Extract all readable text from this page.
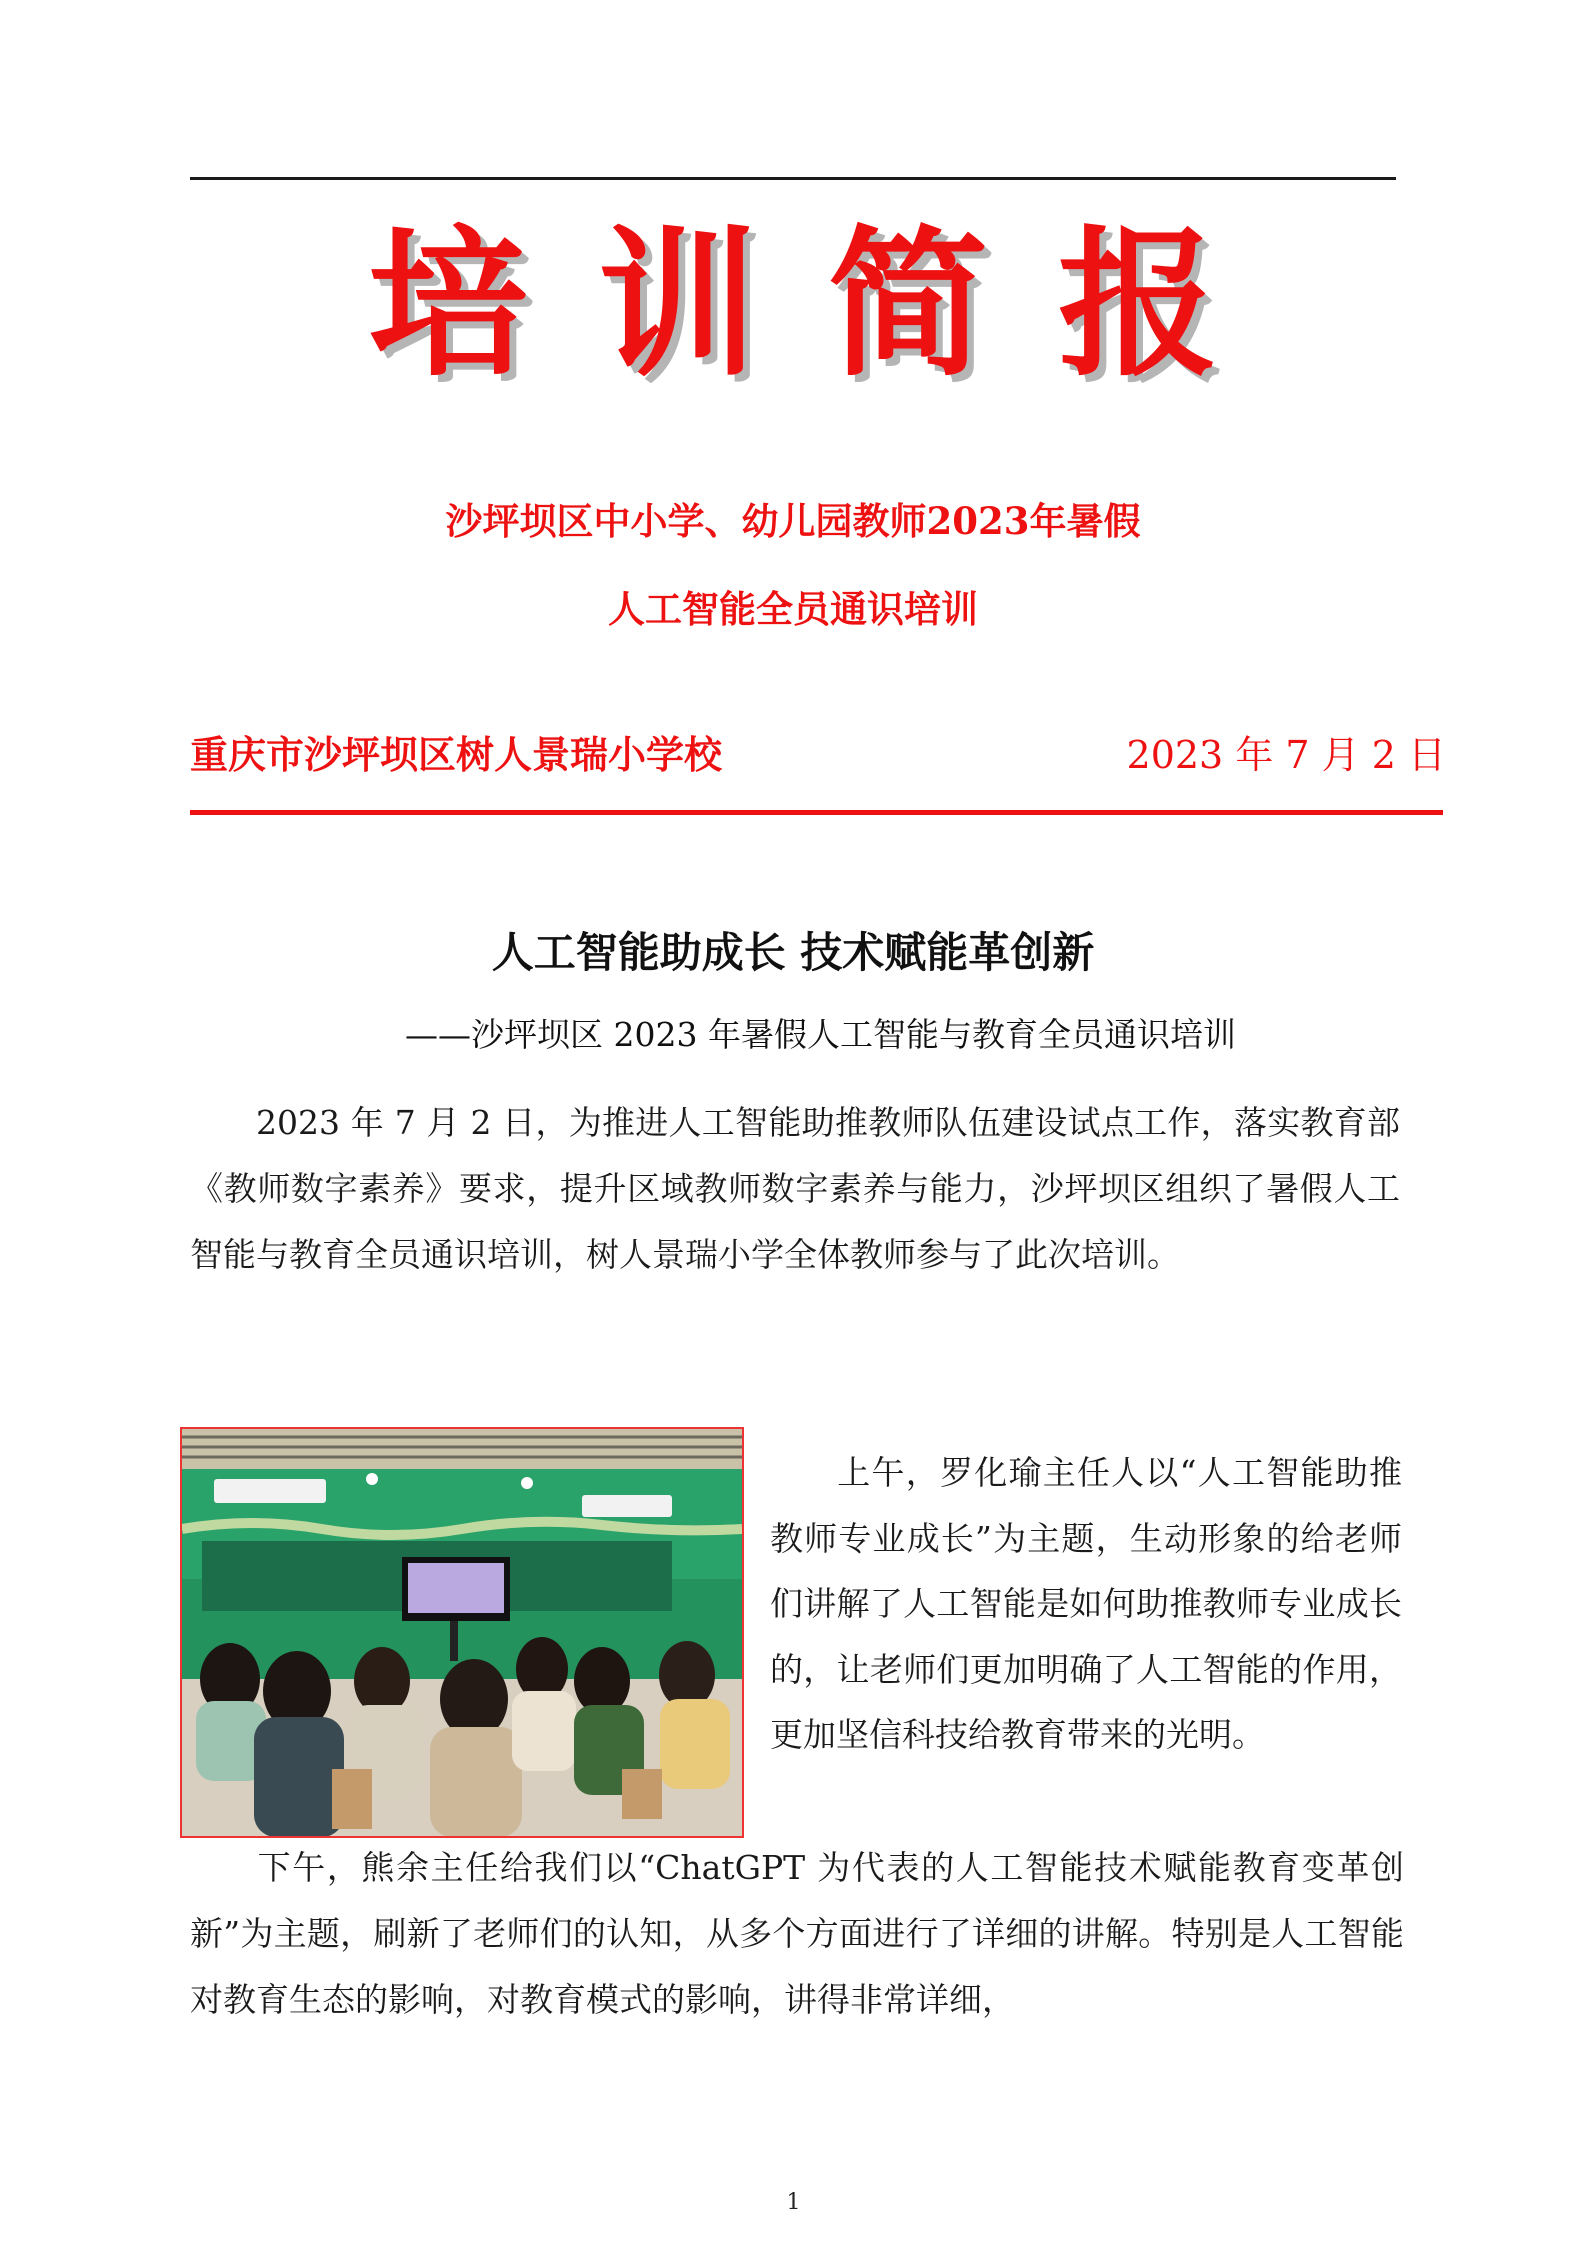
培训简报
沙坪坝区中小学、幼儿园教师2023年暑假
人工智能全员通识培训
重庆市沙坪坝区树人景瑞小学校	2023 年 7 月 2 日
人工智能助成长 技术赋能革创新
——沙坪坝区 2023 年暑假人工智能与教育全员通识培训
2023 年 7 月 2 日，为推进人工智能助推教师队伍建设试点工作，落实教育部《教师数字素养》要求，提升区域教师数字素养与能力，沙坪坝区组织了暑假人工智能与教育全员通识培训，树人景瑞小学全体教师参与了此次培训。
上午，罗化瑜主任人以“人工智能助推教师专业成长”为主题，生动形象的给老师们讲解了人工智能是如何助推教师专业成长的，让老师们更加明确了人工智能的作用，更加坚信科技给教育带来的光明。
下午，熊余主任给我们以“ChatGPT 为代表的人工智能技术赋能教育变革创新”为主题，刷新了老师们的认知，从多个方面进行了详细的讲解。特别是人工智能对教育生态的影响，对教育模式的影响，讲得非常详细，
1
